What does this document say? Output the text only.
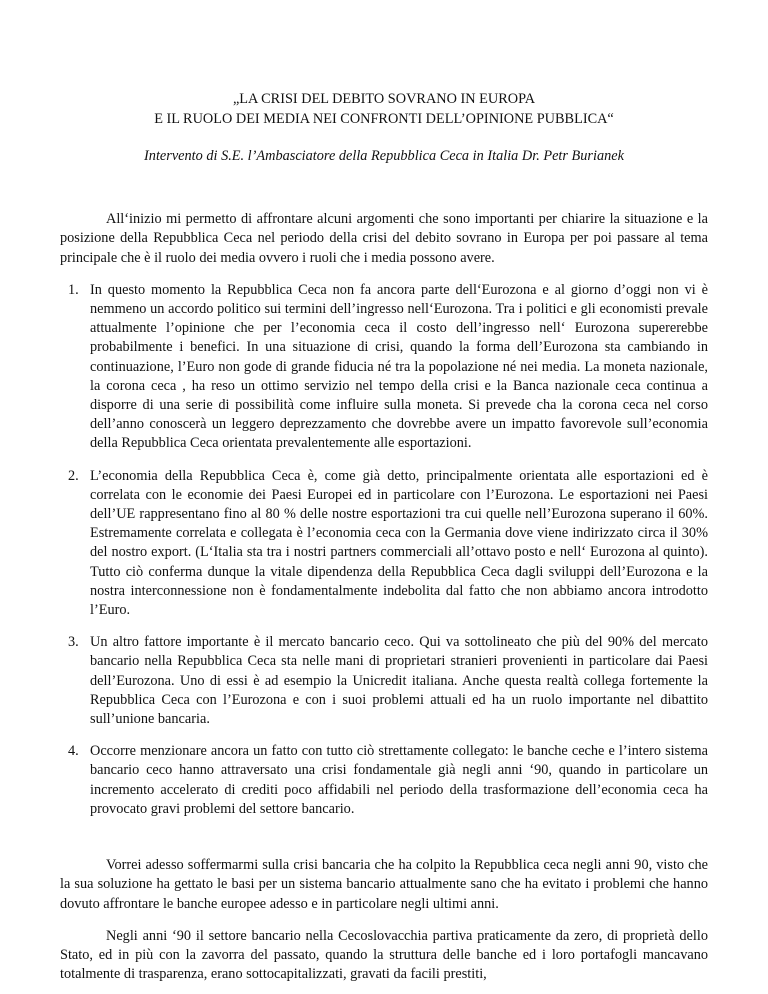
„LA CRISI DEL DEBITO SOVRANO IN EUROPA
E IL RUOLO DEI MEDIA NEI CONFRONTI DELL’OPINIONE PUBBLICA“

Intervento di S.E. l’Ambasciatore della Repubblica Ceca in Italia Dr. Petr Burianek

All‘inizio mi permetto di affrontare alcuni argomenti che sono importanti per chiarire la situazione e la posizione della Repubblica Ceca nel periodo della crisi del debito sovrano in Europa per poi passare al tema principale che è il ruolo dei media ovvero i ruoli che i media possono avere.

1. In questo momento la Repubblica Ceca non fa ancora parte dell‘Eurozona e al giorno d’oggi non vi è nemmeno un accordo politico sui termini dell’ingresso nell‘Eurozona. Tra i politici e gli economisti prevale attualmente l’opinione che per l’economia ceca il costo dell’ingresso nell‘ Eurozona supererebbe probabilmente i benefici. In una situazione di crisi, quando la forma dell’Eurozona sta cambiando in continuazione, l’Euro non gode di grande fiducia né tra la popolazione né nei media. La moneta nazionale, la corona ceca , ha reso un ottimo servizio nel tempo della crisi e la Banca nazionale ceca continua a disporre di una serie di possibilità come influire sulla moneta. Si prevede cha la corona ceca nel corso dell’anno conoscerà un leggero deprezzamento che dovrebbe avere un impatto favorevole sull’economia della Repubblica Ceca orientata prevalentemente alle esportazioni.
2. L’economia della Repubblica Ceca è, come già detto, principalmente orientata alle esportazioni ed è correlata con le economie dei Paesi Europei ed in particolare con l’Eurozona. Le esportazioni nei Paesi dell’UE rappresentano fino al 80 % delle nostre esportazioni tra cui quelle nell’Eurozona superano il 60%. Estremamente correlata e collegata è l’economia ceca con la Germania dove viene indirizzato circa il 30% del nostro export. (L‘Italia sta tra i nostri partners commerciali all’ottavo posto e nell‘ Eurozona al quinto). Tutto ciò conferma dunque la vitale dipendenza della Repubblica Ceca dagli sviluppi dell’Eurozona e la nostra interconnessione non è fondamentalmente indebolita dal fatto che non abbiamo ancora introdotto l’Euro.
3. Un altro fattore importante è il mercato bancario ceco. Qui va sottolineato che più del 90% del mercato bancario nella Repubblica Ceca sta nelle mani di proprietari stranieri provenienti in particolare dai Paesi dell’Eurozona. Uno di essi è ad esempio la Unicredit italiana. Anche questa realtà collega fortemente la Repubblica Ceca con l’Eurozona e con i suoi problemi attuali ed ha un ruolo importante nel dibattito sull’unione bancaria.
4. Occorre menzionare ancora un fatto con tutto ciò strettamente collegato: le banche ceche e l’intero sistema bancario ceco hanno attraversato una crisi fondamentale già negli anni ‘90, quando in particolare un incremento accelerato di crediti poco affidabili nel periodo della trasformazione dell’economia ceca ha provocato gravi problemi del settore bancario.

Vorrei adesso soffermarmi sulla crisi bancaria che ha colpito la Repubblica ceca negli anni 90, visto che la sua soluzione ha gettato le basi per un sistema bancario attualmente sano che ha evitato i problemi che hanno dovuto affrontare le banche europee adesso e in particolare negli ultimi anni.

Negli anni ‘90 il settore bancario nella Cecoslovacchia partiva praticamente da zero, di proprietà dello Stato, ed in più con la zavorra del passato, quando la struttura delle banche ed i loro portafogli mancavano totalmente di trasparenza, erano sottocapitalizzati, gravati da facili prestiti,
